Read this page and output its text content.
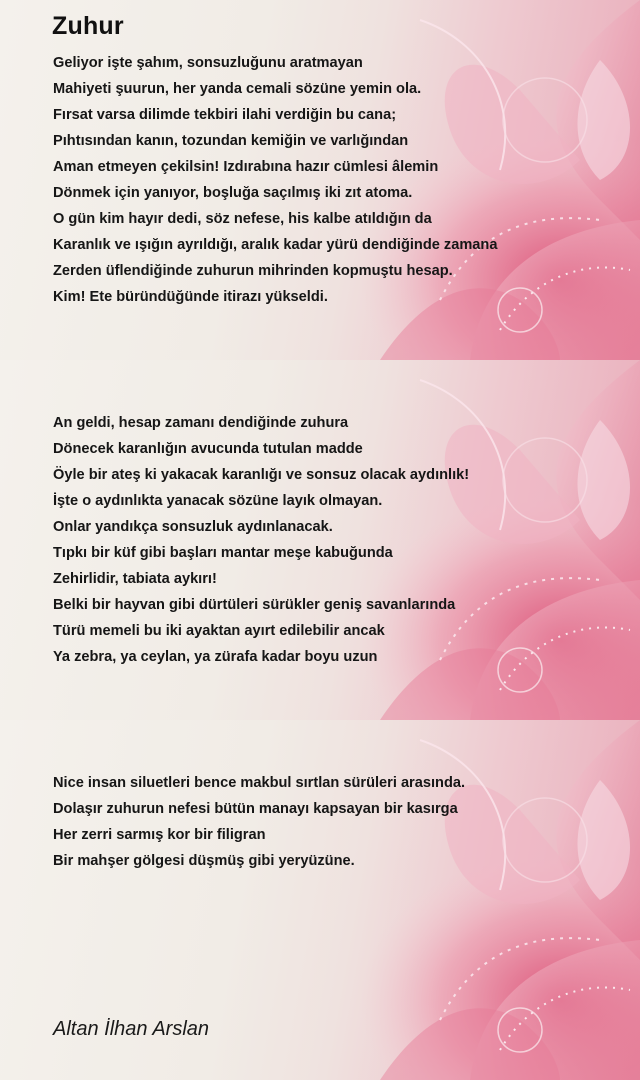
Zuhur
Geliyor işte şahım, sonsuzluğunu aratmayan
Mahiyeti şuurun, her yanda cemali sözüne yemin ola.
Fırsat varsa dilimde tekbiri ilahi verdiğin bu cana;
Pıhtısından kanın, tozundan kemiğin ve varlığından
Aman etmeyen çekilsin! Izdırabına hazır cümlesi âlemin
Dönmek için yanıyor, boşluğa saçılmış iki zıt atoma.
O gün kim hayır dedi, söz nefese, his kalbe atıldığın da
Karanlık ve ışığın ayrıldığı, aralık kadar yürü dendiğinde zamana
Zerden üflendiğinde zuhurun mihrinden kopmuştu hesap.
Kim! Ete büründüğünde itirazı yükseldi.
An geldi, hesap zamanı dendiğinde zuhura
Dönecek karanlığın avucunda tutulan madde
Öyle bir ateş ki yakacak karanlığı ve sonsuz olacak aydınlık!
İşte o aydınlıkta yanacak sözüne layık olmayan.
Onlar yandıkça sonsuzluk aydınlanacak.
Tıpkı bir küf gibi başları mantar meşe kabuğunda
Zehirlidir, tabiata aykırı!
Belki bir hayvan gibi dürtüleri sürükler geniş savanlarında
Türü memeli bu iki ayaktan ayırt edilebilir ancak
Ya zebra, ya ceylan, ya zürafa kadar boyu uzun
Nice insan siluetleri bence makbul sırtlan sürüleri arasında.
Dolaşır zuhurun nefesi bütün manayı kapsayan bir kasırga
Her zerri sarmış kor bir filigran
Bir mahşer gölgesi düşmüş gibi yeryüzüne.

Altan İlhan Arslan
